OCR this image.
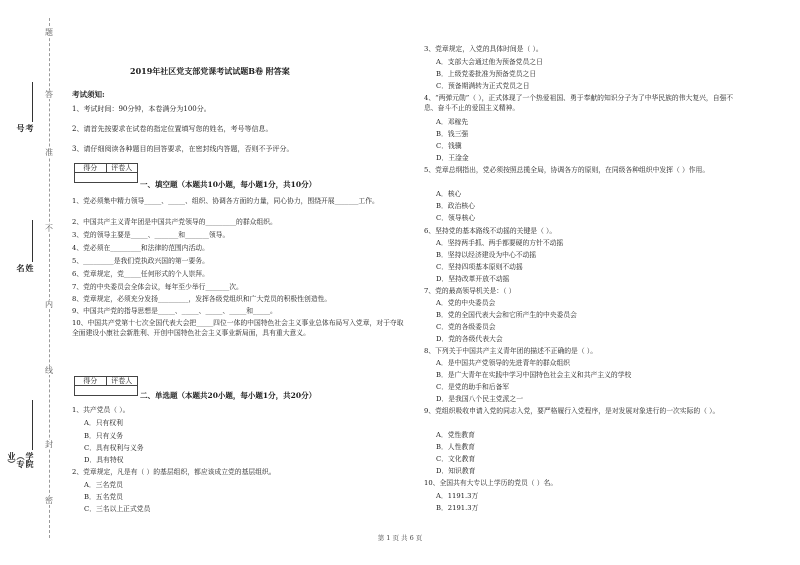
题
答
准
不
内
线
封
密
考号
姓名
学院（专业）
2019年社区党支部党课考试试题B卷 附答案
考试须知:
1、考试时间：90分钟，本卷满分为100分。
2、请首先按要求在试卷的指定位置填写您的姓名，考号等信息。
3、请仔细阅读各种题目的回答要求，在密封线内答题，否则不予评分。
得分	评卷人
一、填空题（本题共10小题，每小题1分，共10分）
1、党必须集中精力领导_____、_____、组织、协调各方面的力量，同心协力，围绕开展_______工作。
2、中国共产主义青年团是中国共产党领导的_________的群众组织。
3、党的领导主要是_____、_______和_______领导。
4、党必须在_________和法律的范围内活动。
5、_________是我们党执政兴国的第一要务。
6、党章规定，党_____任何形式的个人崇拜。
7、党的中央委员会全体会议，每年至少举行_______次。
8、党章规定，必须充分发扬_________，发挥各级党组织和广大党员的积极性创造性。
9、中国共产党的指导思想是_____、_____、_____、_____和_____。
10、中国共产党第十七次全国代表大会把_____四位一体的中国特色社会主义事业总体布局写入党章，对于夺取全面建设小康社会新胜利、开创中国特色社会主义事业新局面，具有重大意义。
得分	评卷人
二、单选题（本题共20小题，每小题1分，共20分）
1、共产党员（ ）。
A．只有权利
B．只有义务
C．具有权利与义务
D．具有特权
2、党章规定，凡是有（ ）的基层组织，都应该成立党的基层组织。
A．三名党员
B．五名党员
C．三名以上正式党员
3、党章规定，入党的具体时间是（ ）。
A．支部大会通过他为预备党员之日
B．上级党委批准为预备党员之日
C．预备期满转为正式党员之日
4、“两弹元勋”（ ），正式体现了一个热爱祖国、勇于奉献的知识分子为了中华民族的伟大复兴，自强不息、奋斗不止的爱国主义精神。
A．邓稼先
B．钱三强
C．钱骥
D．王淦金
5、党章总纲指出，党必须按照总揽全局，协调各方的原则，在同级各种组织中发挥（ ）作用。
A．核心
B．政治核心
C．领导核心
6、坚持党的基本路线不动摇的关键是（ ）。
A．坚持两手抓、两手都要硬的方针不动摇
B．坚持以经济建设为中心不动摇
C．坚持四项基本原则不动摇
D．坚持改革开放不动摇
7、党的最高领导机关是：（ ）
A．党的中央委员会
B．党的全国代表大会和它所产生的中央委员会
C．党的各级委员会
D．党的各级代表大会
8、下列关于中国共产主义青年团的描述不正确的是（ ）。
A．是中国共产党领导的先进青年的群众组织
B．是广大青年在实践中学习中国特色社会主义和共产主义的学校
C．是党的助手和后备军
D．是我国八个民主党派之一
9、党组织吸收申请入党的同志入党，要严格履行入党程序，是对发展对象进行的一次实际的（ ）。
A．党性教育
B．人性教育
C．文化教育
D．知识教育
10、全国共有大专以上学历的党员（ ）名。
A．1191.3万
B．2191.3万
第 1 页 共 6 页
